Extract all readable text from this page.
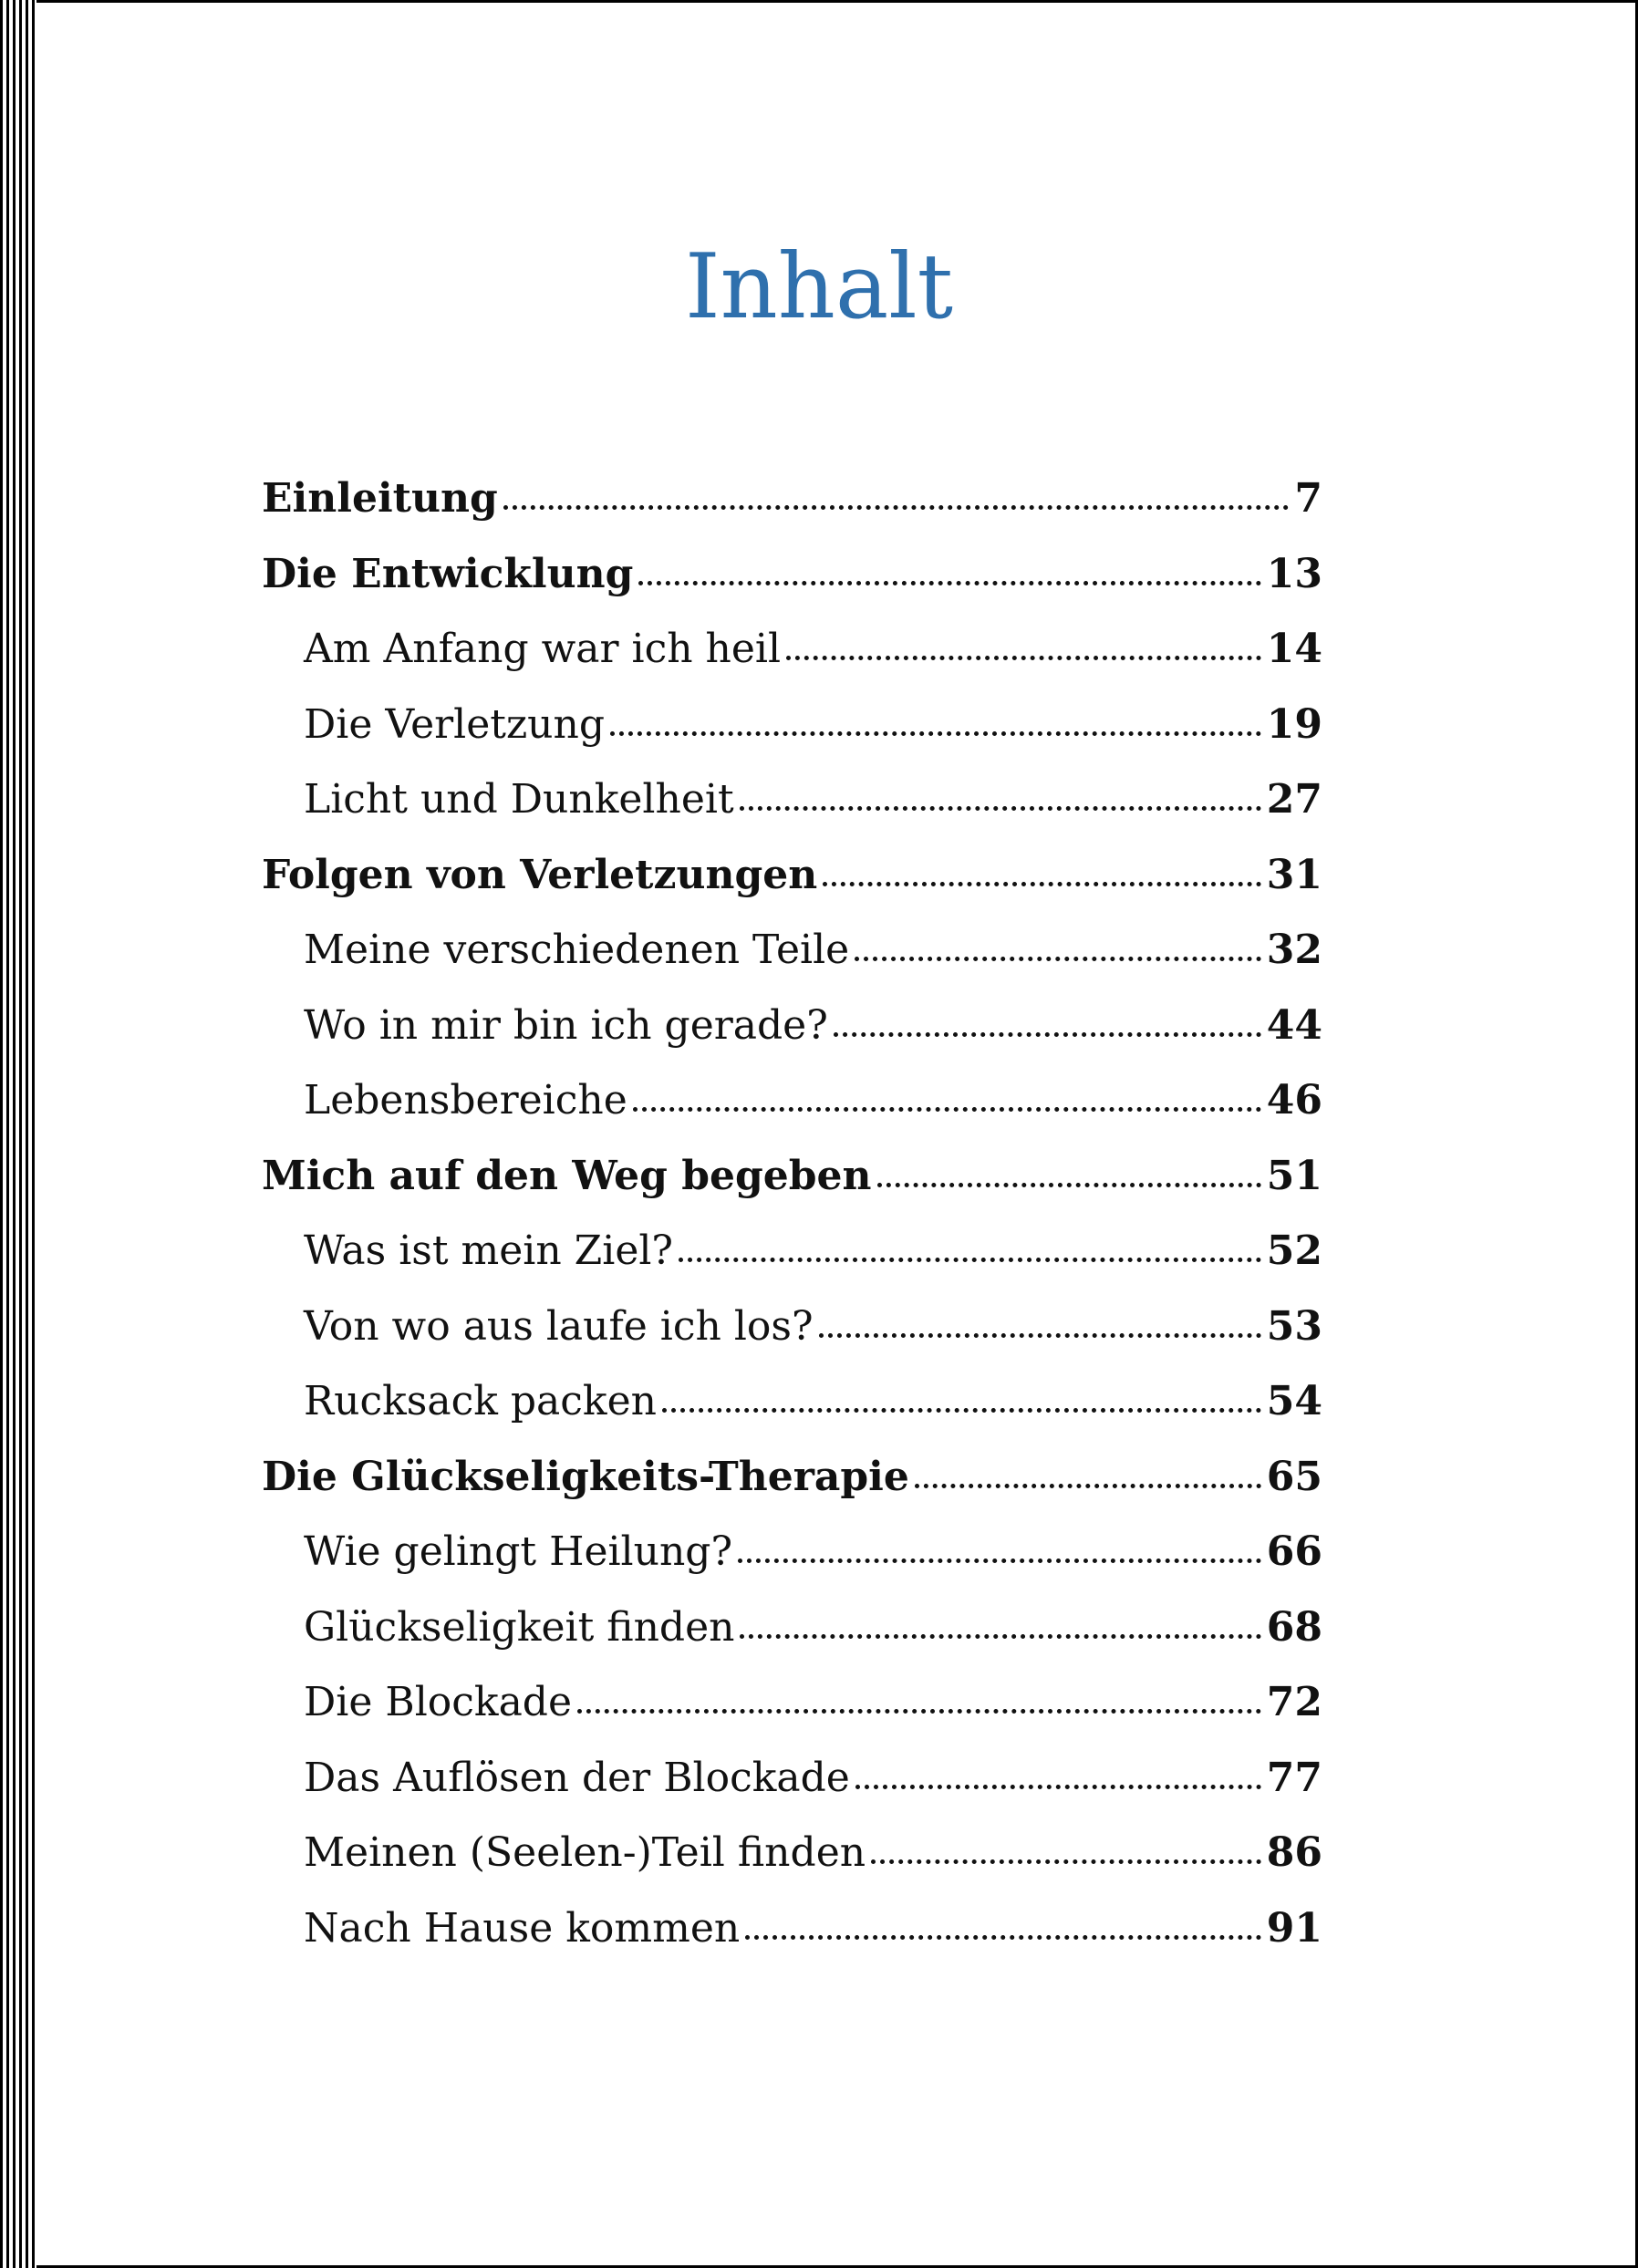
Inhalt
Einleitung	7
Die Entwicklung	13
Am Anfang war ich heil	14
Die Verletzung	19
Licht und Dunkelheit	27
Folgen von Verletzungen	31
Meine verschiedenen Teile	32
Wo in mir bin ich gerade?	44
Lebensbereiche	46
Mich auf den Weg begeben	51
Was ist mein Ziel?	52
Von wo aus laufe ich los?	53
Rucksack packen	54
Die Glückseligkeits-Therapie	65
Wie gelingt Heilung?	66
Glückseligkeit finden	68
Die Blockade	72
Das Auflösen der Blockade	77
Meinen (Seelen-)Teil finden	86
Nach Hause kommen	91
